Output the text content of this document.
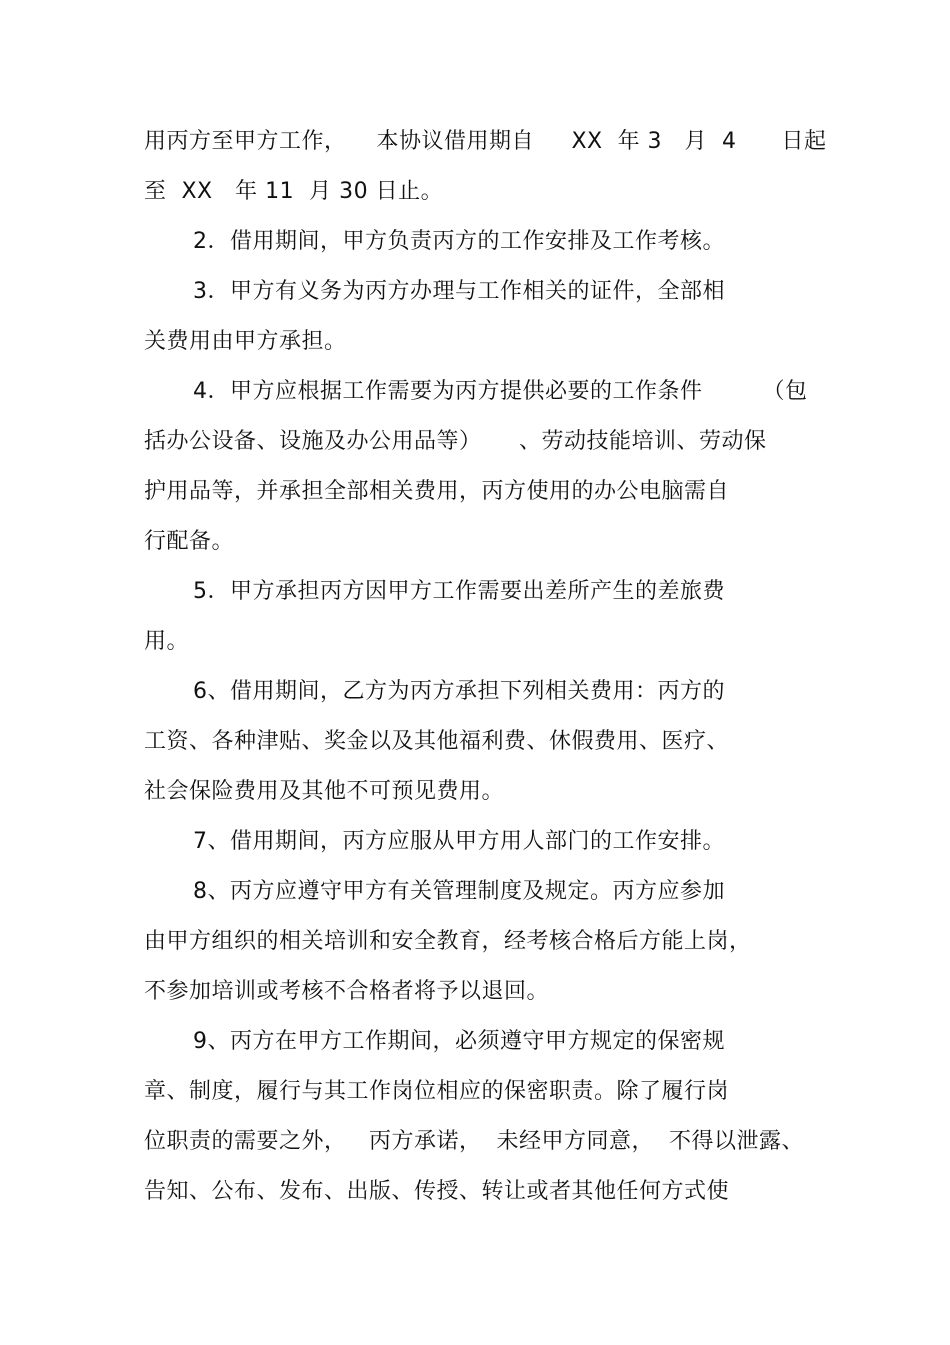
用丙方至甲方工作，    本协议借用期自     XX  年 3   月  4      日起
至  XX   年 11  月 30 日止。
2．借用期间，甲方负责丙方的工作安排及工作考核。
3．甲方有义务为丙方办理与工作相关的证件，全部相
关费用由甲方承担。
4．甲方应根据工作需要为丙方提供必要的工作条件        （包
括办公设备、设施及办公用品等）     、劳动技能培训、劳动保
护用品等，并承担全部相关费用，丙方使用的办公电脑需自
行配备。
5．甲方承担丙方因甲方工作需要出差所产生的差旅费
用。
6、借用期间，乙方为丙方承担下列相关费用：丙方的
工资、各种津贴、奖金以及其他福利费、休假费用、医疗、
社会保险费用及其他不可预见费用。
7、借用期间，丙方应服从甲方用人部门的工作安排。
8、丙方应遵守甲方有关管理制度及规定。丙方应参加
由甲方组织的相关培训和安全教育，经考核合格后方能上岗，
不参加培训或考核不合格者将予以退回。
9、丙方在甲方工作期间，必须遵守甲方规定的保密规
章、制度，履行与其工作岗位相应的保密职责。除了履行岗
位职责的需要之外，   丙方承诺，  未经甲方同意，  不得以泄露、
告知、公布、发布、出版、传授、转让或者其他任何方式使
